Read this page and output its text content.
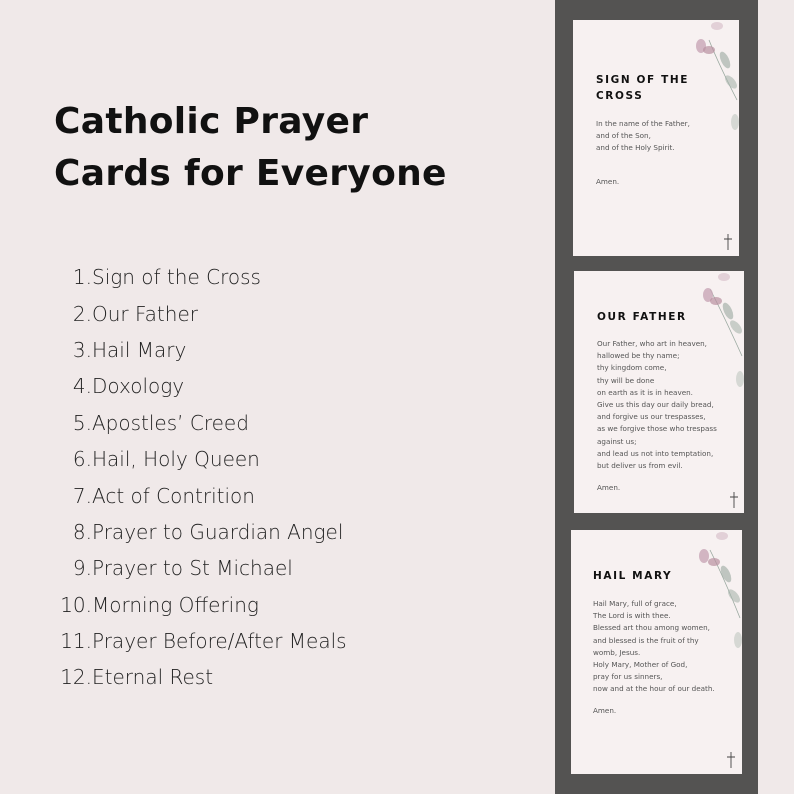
Catholic Prayer
Cards for Everyone
1. Sign of the Cross
2. Our Father
3. Hail Mary
4. Doxology
5. Apostles’ Creed
6. Hail, Holy Queen
7. Act of Contrition
8. Prayer to Guardian Angel
9. Prayer to St Michael
10. Morning Offering
11. Prayer Before/After Meals
12. Eternal Rest
SIGN OF THE
CROSS
In the name of the Father,
and of the Son,
and of the Holy Spirit.
Amen.
OUR FATHER
Our Father, who art in heaven,
hallowed be thy name;
thy kingdom come,
thy will be done
on earth as it is in heaven.
Give us this day our daily bread,
and forgive us our trespasses,
as we forgive those who trespass
against us;
and lead us not into temptation,
but deliver us from evil.
Amen.
HAIL MARY
Hail Mary, full of grace,
The Lord is with thee.
Blessed art thou among women,
and blessed is the fruit of thy
womb, Jesus.
Holy Mary, Mother of God,
pray for us sinners,
now and at the hour of our death.
Amen.
